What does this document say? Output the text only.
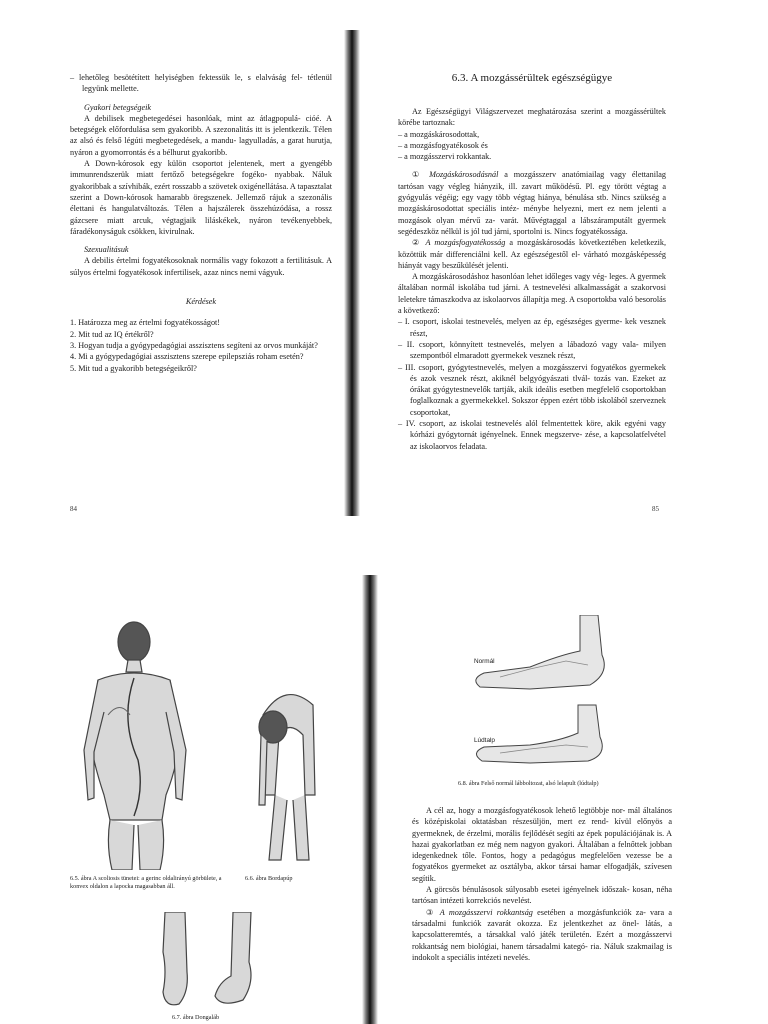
– lehetőleg besötétített helyiségben fektessük le, s elalváság fel- tétlenül legyünk mellette.

Gyakori betegségeik

A debilisek megbetegedései hasonlóak, mint az átlagpopulá- cióé. A betegségek előfordulása sem gyakoribb. A szezonalitás itt is jelentkezik. Télen az alsó és felső légúti megbetegedések, a mandu- lagyulladás, a garat hurutja, nyáron a gyomorrontás és a bélhurut gyakoribb.

A Down-kórosok egy külön csoportot jelentenek, mert a gyengébb immunrendszerük miatt fertőző betegségekre fogéko- nyabbak. Náluk gyakoribbak a szívhibák, ezért rosszabb a szövetek oxigénellátása. A tapasztalat szerint a Down-kórosok hamarabb öregszenek. Jellemző rájuk a szezonális élettani és hangulatváltozás. Télen a hajszálerek összehúzódása, a rossz gázcsere miatt arcuk, végtagjaik liláskékek, nyáron tevékenyebbek, fáradékonyságuk csökken, kivirulnak.

Szexualitásuk

A debilis értelmi fogyatékosoknak normális vagy fokozott a fertilitásuk. A súlyos értelmi fogyatékosok infertilisek, azaz nincs nemi vágyuk.

Kérdések

1. Határozza meg az értelmi fogyatékosságot!

2. Mit tud az IQ értékről?

3. Hogyan tudja a gyógypedagógiai asszisztens segíteni az orvos munkáját?

4. Mi a gyógypedagógiai asszisztens szerepe epilepsziás roham esetén?

5. Mit tud a gyakoribb betegségeikről?

84
6.3. A mozgássérültek egészségügye

Az Egészségügyi Világszervezet meghatározása szerint a mozgássérültek körébe tartoznak:

– a mozgáskárosodottak,

– a mozgásfogyatékosok és

– a mozgásszervi rokkantak.

① Mozgáskárosodásnál a mozgásszerv anatómiailag vagy élettanilag tartósan vagy végleg hiányzik, ill. zavart működésű. Pl. egy törött végtag a gyógyulás végéig; egy vagy több végtag hiánya, bénulása stb. Nincs szükség a mozgáskárosodottat speciális intéz- ménybe helyezni, mert ez nem jelenti a mozgások olyan mérvű za- varát. Művégtaggal a lábszáramputált gyermek segédeszköz nélkül is jól tud járni, sportolni is. Nincs fogyatékossága.

② A mozgásfogyatékosság a mozgáskárosodás következtében keletkezik, közöttük már differenciálni kell. Az egészségestől el- várható mozgásképesség hiányát vagy beszűkülését jelenti.

A mozgáskárosodáshoz hasonlóan lehet időleges vagy vég- leges. A gyermek általában normál iskolába tud járni. A testnevelési alkalmasságát a szakorvosi leletekre támaszkodva az iskolaorvos állapítja meg. A csoportokba való besorolás a következő:

– I. csoport, iskolai testnevelés, melyen az ép, egészséges gyerme- kek vesznek részt,

– II. csoport, könnyített testnevelés, melyen a lábadozó vagy vala- milyen szempontból elmaradott gyermekek vesznek részt,

– III. csoport, gyógytestnevelés, melyen a mozgásszervi fogyatékos gyermekek és azok vesznek részt, akiknél belgyógyászati tlvál- tozás van. Ezeket az órákat gyógytestnevelők tartják, akik ideális esetben megfelelő csoportokban foglalkoznak a gyermekekkel. Sokszor éppen ezért több iskolából szerveznek csoportokat,

– IV. csoport, az iskolai testnevelés alól felmentettek köre, akik egyéni vagy kórházi gyógytornát igényelnek. Ennek megszerve- zése, a kapcsolatfelvétel az iskolaorvos feladata.

85

6.5. ábra A scoliosis tünetei: a gerinc oldalirányú görbülete, a konvex oldalon a lapocka magasabban áll.

6.6. ábra Bordapúp

6.7. ábra Dongaláb

Normál
Lúdtalp

6.8. ábra Felső normál lábboltozat, alsó lelapult (lúdtalp)

A cél az, hogy a mozgásfogyatékosok lehető legtöbbje nor- mál általános és középiskolai oktatásban részesüljön, mert ez rend- kívül előnyös a gyermeknek, de érzelmi, morális fejlődését segíti az épek populációjának is. A hazai gyakorlatban ez még nem nagyon gyakori. Általában a felnőttek jobban idegenkednek tőle. Fontos, hogy a pedagógus megfelelően vezesse be a fogyatékos gyermeket az osztályba, akkor társai hamar elfogadják, szívesen segítik.

A görcsös bénulásosok súlyosabb esetei igényelnek időszak- kosan, néha tartósan intézeti korrekciós nevelést.

③ A mozgásszervi rokkantság esetében a mozgásfunkciók za- vara a társadalmi funkciók zavarát okozza. Ez jelentkezhet az önel- látás, a kapcsolatteremtés, a társakkal való játék területén. Ezért a mozgásszervi rokkantság nem biológiai, hanem társadalmi kategó- ria. Náluk szakmailag is indokolt a speciális intézeti nevelés.
